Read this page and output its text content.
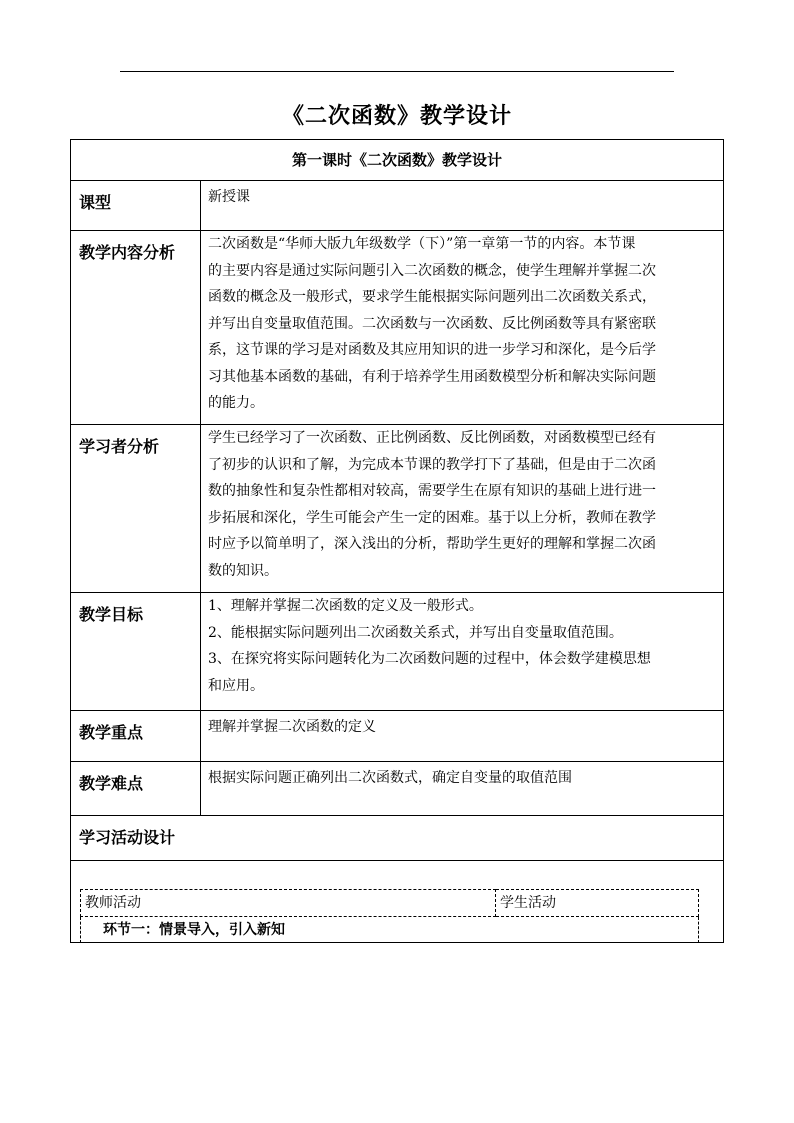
《二次函数》教学设计
第一课时《二次函数》教学设计
课型	新授课
教学内容分析	二次函数是“华师大版九年级数学（下）”第一章第一节的内容。本节课
的主要内容是通过实际问题引入二次函数的概念，使学生理解并掌握二次
函数的概念及一般形式，要求学生能根据实际问题列出二次函数关系式，
并写出自变量取值范围。二次函数与一次函数、反比例函数等具有紧密联
系，这节课的学习是对函数及其应用知识的进一步学习和深化，是今后学
习其他基本函数的基础，有利于培养学生用函数模型分析和解决实际问题
的能力。

学习者分析	学生已经学习了一次函数、正比例函数、反比例函数，对函数模型已经有
了初步的认识和了解，为完成本节课的教学打下了基础，但是由于二次函
数的抽象性和复杂性都相对较高，需要学生在原有知识的基础上进行进一
步拓展和深化，学生可能会产生一定的困难。基于以上分析，教师在教学
时应予以简单明了，深入浅出的分析，帮助学生更好的理解和掌握二次函
数的知识。

教学目标	1、理解并掌握二次函数的定义及一般形式。
2、能根据实际问题列出二次函数关系式，并写出自变量取值范围。
3、在探究将实际问题转化为二次函数问题的过程中，体会数学建模思想
和应用。

教学重点	理解并掌握二次函数的定义
教学难点	根据实际问题正确列出二次函数式，确定自变量的取值范围

学习活动设计

教师活动	学生活动
环节一：情景导入，引入新知
